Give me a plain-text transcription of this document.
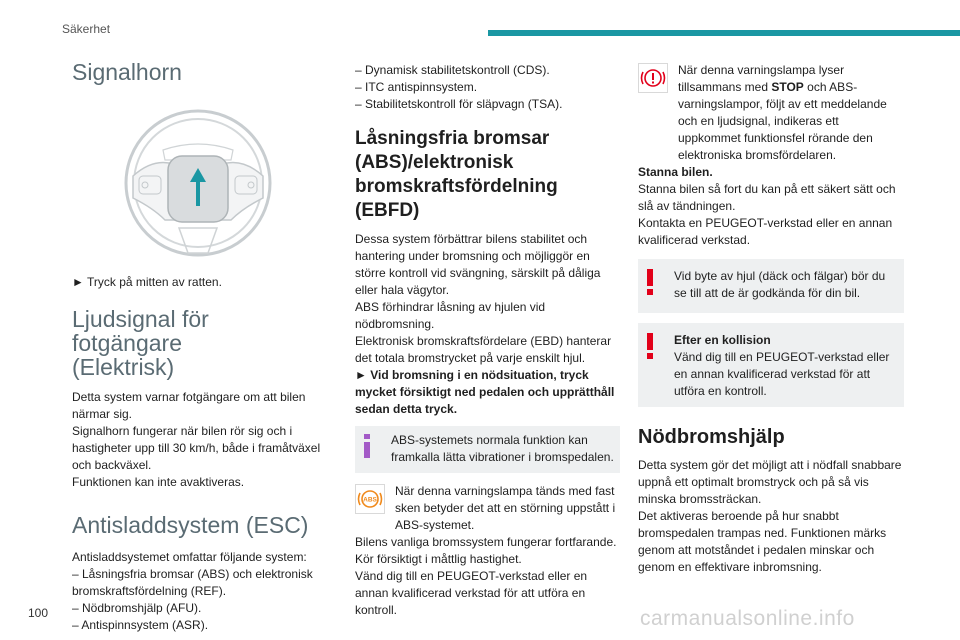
Säkerhet
Signalhorn

► Tryck på mitten av ratten.

Ljudsignal för fotgängare
(Elektrisk)

Detta system varnar fotgängare om att bilen närmar sig.

Signalhorn fungerar när bilen rör sig och i hastigheter upp till 30 km/h, både i framåtväxel och backväxel.

Funktionen kan inte avaktiveras.

Antisladdsystem (ESC)

Antisladdsystemet omfattar följande system:

– Låsningsfria bromsar (ABS) och elektronisk bromskraftsfördelning (REF).

– Nödbromshjälp (AFU).

– Antispinnsystem (ASR).

– Dynamisk stabilitetskontroll (CDS).

– ITC antispinnsystem.

– Stabilitetskontroll för släpvagn (TSA).

Låsningsfria bromsar (ABS)/elektronisk bromskraftsfördelning (EBFD)

Dessa system förbättrar bilens stabilitet och hantering under bromsning och möjliggör en större kontroll vid svängning, särskilt på dåliga eller hala vägytor.

ABS förhindrar låsning av hjulen vid nödbromsning.

Elektronisk bromskraftsfördelare (EBD) hanterar det totala bromstrycket på varje enskilt hjul.

► Vid bromsning i en nödsituation, tryck mycket försiktigt ned pedalen och upprätthåll sedan detta tryck.

ABS-systemets normala funktion kan framkalla lätta vibrationer i bromspedalen.

ABS

När denna varningslampa tänds med fast sken betyder det att en störning uppstått i ABS-systemet.

Bilens vanliga bromssystem fungerar fortfarande.

Kör försiktigt i måttlig hastighet.

Vänd dig till en PEUGEOT-verkstad eller en annan kvalificerad verkstad för att utföra en kontroll.

När denna varningslampa lyser tillsammans med STOP och ABS-varningslampor, följt av ett meddelande och en ljudsignal, indikeras ett uppkommet funktionsfel rörande den elektroniska bromsfördelaren.

Stanna bilen.

Stanna bilen så fort du kan på ett säkert sätt och slå av tändningen.

Kontakta en PEUGEOT-verkstad eller en annan kvalificerad verkstad.

Vid byte av hjul (däck och fälgar) bör du se till att de är godkända för din bil.

Efter en kollision

Vänd dig till en PEUGEOT-verkstad eller en annan kvalificerad verkstad för att utföra en kontroll.

Nödbromshjälp

Detta system gör det möjligt att i nödfall snabbare uppnå ett optimalt bromstryck och på så vis minska bromssträckan.

Det aktiveras beroende på hur snabbt bromspedalen trampas ned. Funktionen märks genom att motståndet i pedalen minskar och genom en effektivare inbromsning.

100	carmanualsonline.info
